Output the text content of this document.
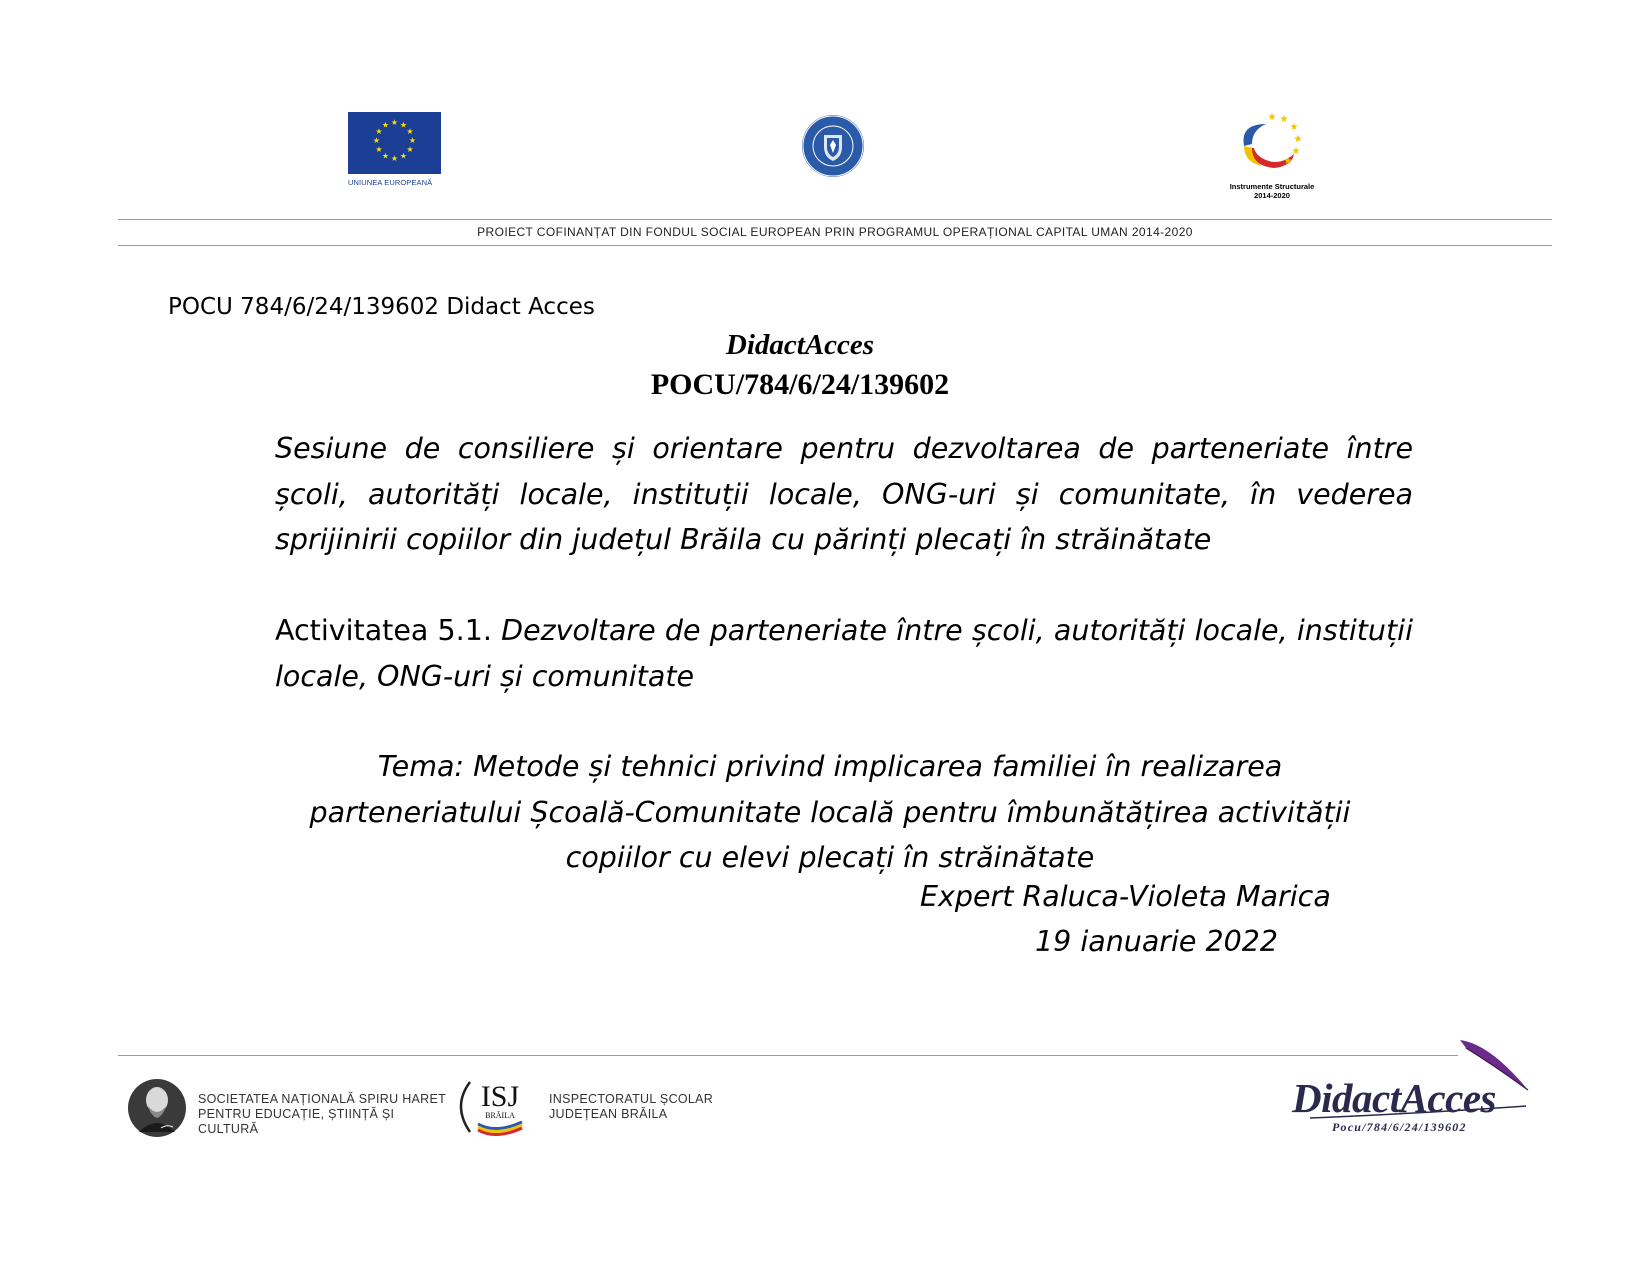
★ ★
★
★
★
★
★
★
★
★
★
★
UNIUNEA EUROPEANĂ
★ ★
★
★
★
★
Instrumente Structurale
2014-2020
PROIECT COFINANȚAT DIN FONDUL SOCIAL EUROPEAN PRIN PROGRAMUL OPERAȚIONAL CAPITAL UMAN 2014-2020
POCU 784/6/24/139602 Didact Acces
DidactAcces
POCU/784/6/24/139602
Sesiune de consiliere și orientare pentru dezvoltarea de parteneriate între școli, autorități locale, instituții locale, ONG-uri și comunitate, în vederea sprijinirii copiilor din județul Brăila cu părinți plecați în străinătate
Activitatea 5.1. Dezvoltare de parteneriate între școli, autorități locale, instituții locale, ONG-uri și comunitate
Tema: Metode și tehnici privind implicarea familiei în realizarea
parteneriatului Școală-Comunitate locală pentru îmbunătățirea activității
copiilor cu elevi plecați în străinătate
Expert Raluca-Violeta Marica
19 ianuarie 2022
SOCIETATEA NAȚIONALĂ SPIRU HARET
PENTRU EDUCAȚIE, ȘTIINȚĂ ȘI CULTURĂ
ISJ
BRĂILA
INSPECTORATUL ȘCOLAR
JUDEȚEAN BRĂILA	DidactAcces
Pocu/784/6/24/139602
